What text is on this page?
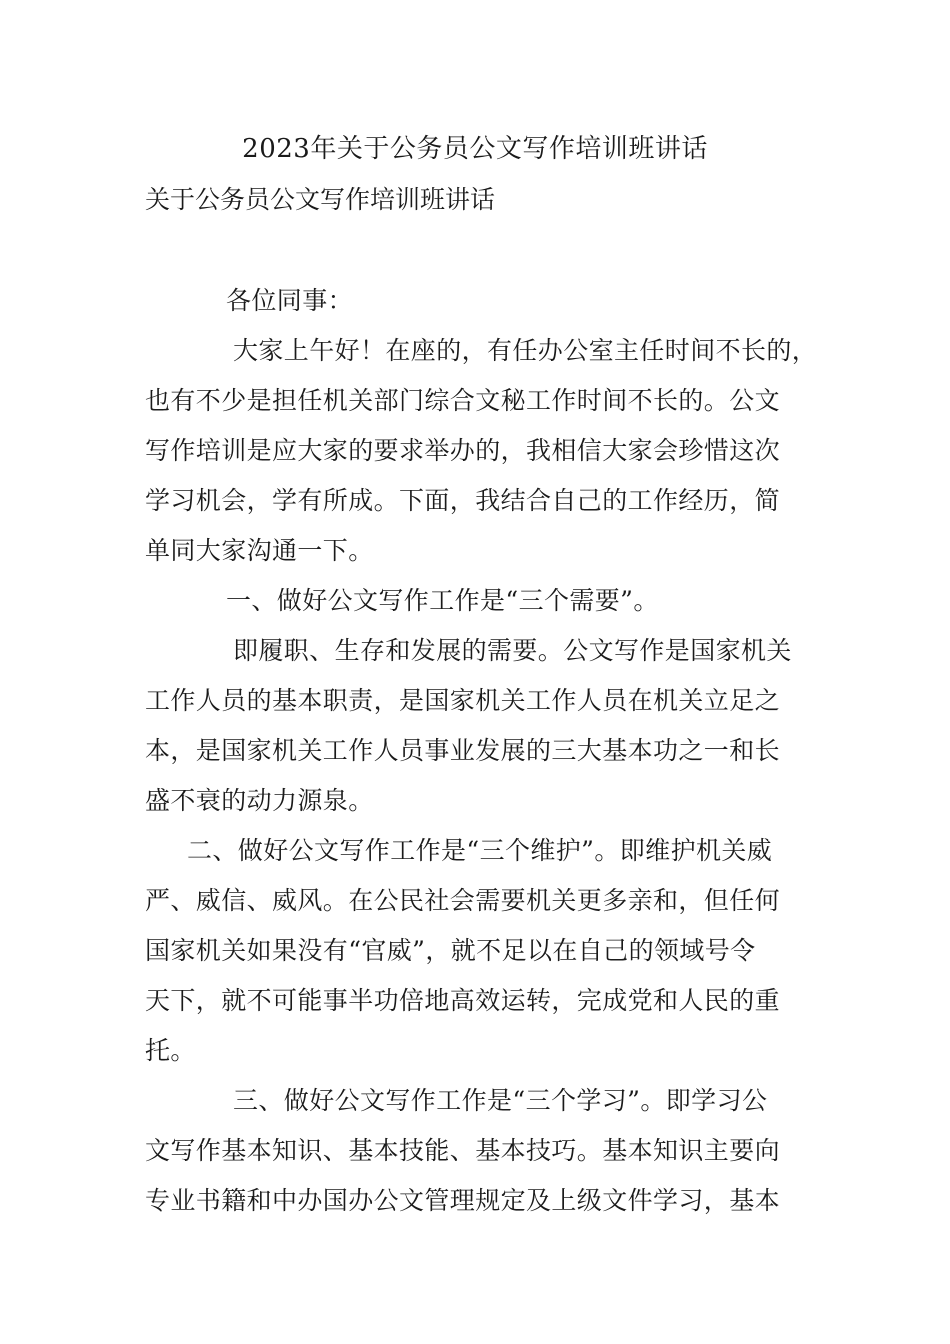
2023年关于公务员公文写作培训班讲话
关于公务员公文写作培训班讲话
各位同事：
大家上午好！在座的，有任办公室主任时间不长的，
也有不少是担任机关部门综合文秘工作时间不长的。公文
写作培训是应大家的要求举办的，我相信大家会珍惜这次
学习机会，学有所成。下面，我结合自己的工作经历，简
单同大家沟通一下。
一、做好公文写作工作是“三个需要”。
即履职、生存和发展的需要。公文写作是国家机关
工作人员的基本职责，是国家机关工作人员在机关立足之
本，是国家机关工作人员事业发展的三大基本功之一和长
盛不衰的动力源泉。
二、做好公文写作工作是“三个维护”。即维护机关威
严、威信、威风。在公民社会需要机关更多亲和，但任何
国家机关如果没有“官威”，就不足以在自己的领域号令
天下，就不可能事半功倍地高效运转，完成党和人民的重
托。
三、做好公文写作工作是“三个学习”。即学习公
文写作基本知识、基本技能、基本技巧。基本知识主要向
专业书籍和中办国办公文管理规定及上级文件学习，基本
